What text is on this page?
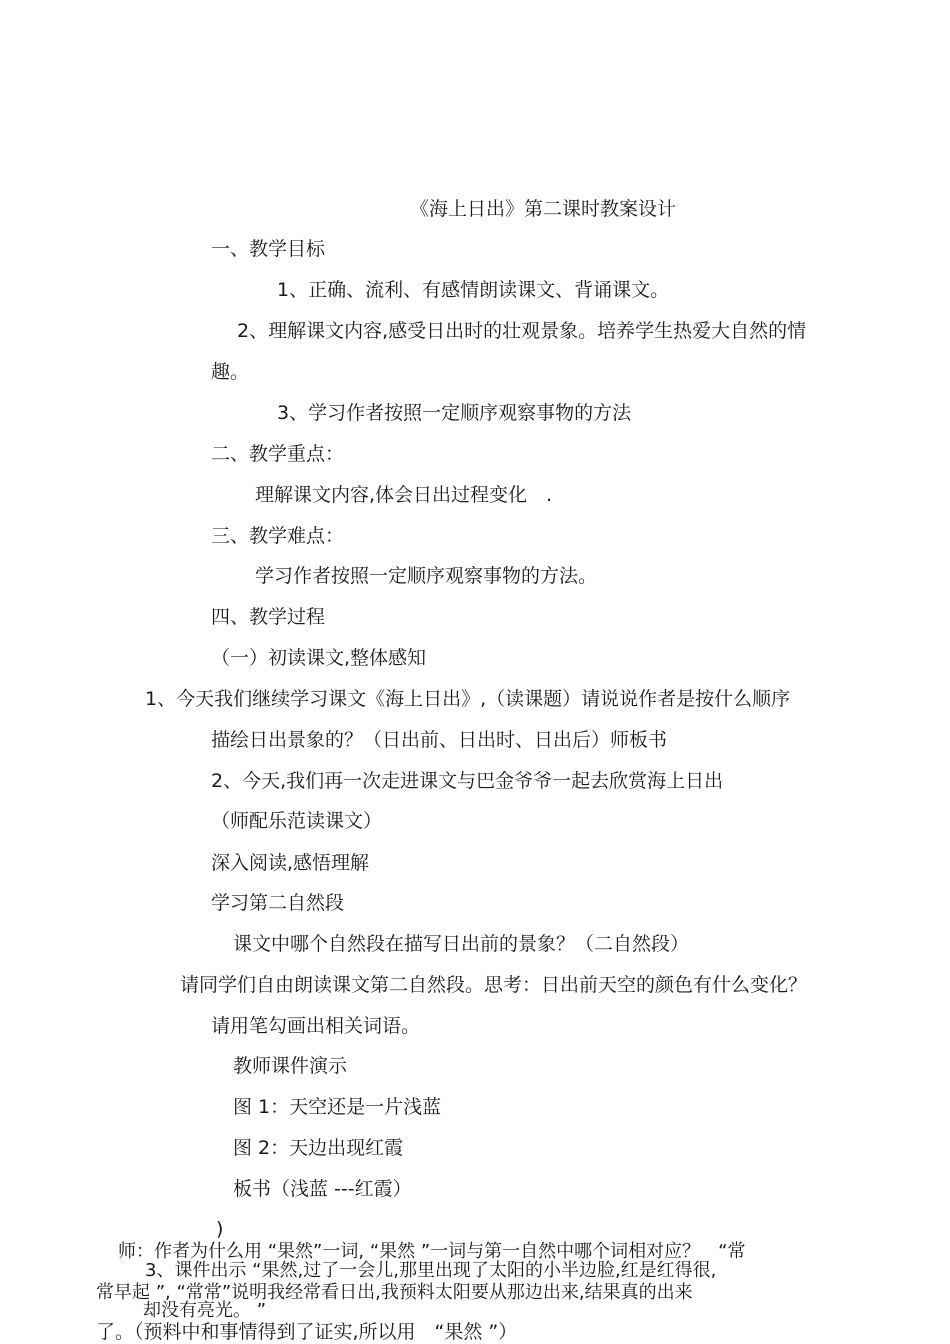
《海上日出》第二课时教案设计
一、教学目标
1、正确、流利、有感情朗读课文、背诵课文。
2、理解课文内容,感受日出时的壮观景象。培养学生热爱大自然的情
趣。
3、学习作者按照一定顺序观察事物的方法
二、教学重点：
理解课文内容,体会日出过程变化　.
三、教学难点：
学习作者按照一定顺序观察事物的方法。
四、教学过程
（一）初读课文,整体感知
1、今天我们继续学习课文《海上日出》,（读课题）请说说作者是按什么顺序
描绘日出景象的？（日出前、日出时、日出后）师板书
2、今天,我们再一次走进课文与巴金爷爷一起去欣赏海上日出
（师配乐范读课文）
深入阅读,感悟理解
学习第二自然段
课文中哪个自然段在描写日出前的景象？（二自然段）
请同学们自由朗读课文第二自然段。思考：日出前天空的颜色有什么变化？
请用笔勾画出相关词语。
教师课件演示
图 1：天空还是一片浅蓝
图 2：天边出现红霞
板书（浅蓝 ---红霞）
)
师：作者为什么用 “果然”一词, “果然 ”一词与第一自然中哪个词相对应？　“常
3、课件出示 “果然,过了一会儿,那里出现了太阳的小半边脸,红是红得很,
常早起 ”, “常常”说明我经常看日出,我预料太阳要从那边出来,结果真的出来
却没有亮光。 ”
了。（预料中和事情得到了证实,所以用　“果然 ”）
